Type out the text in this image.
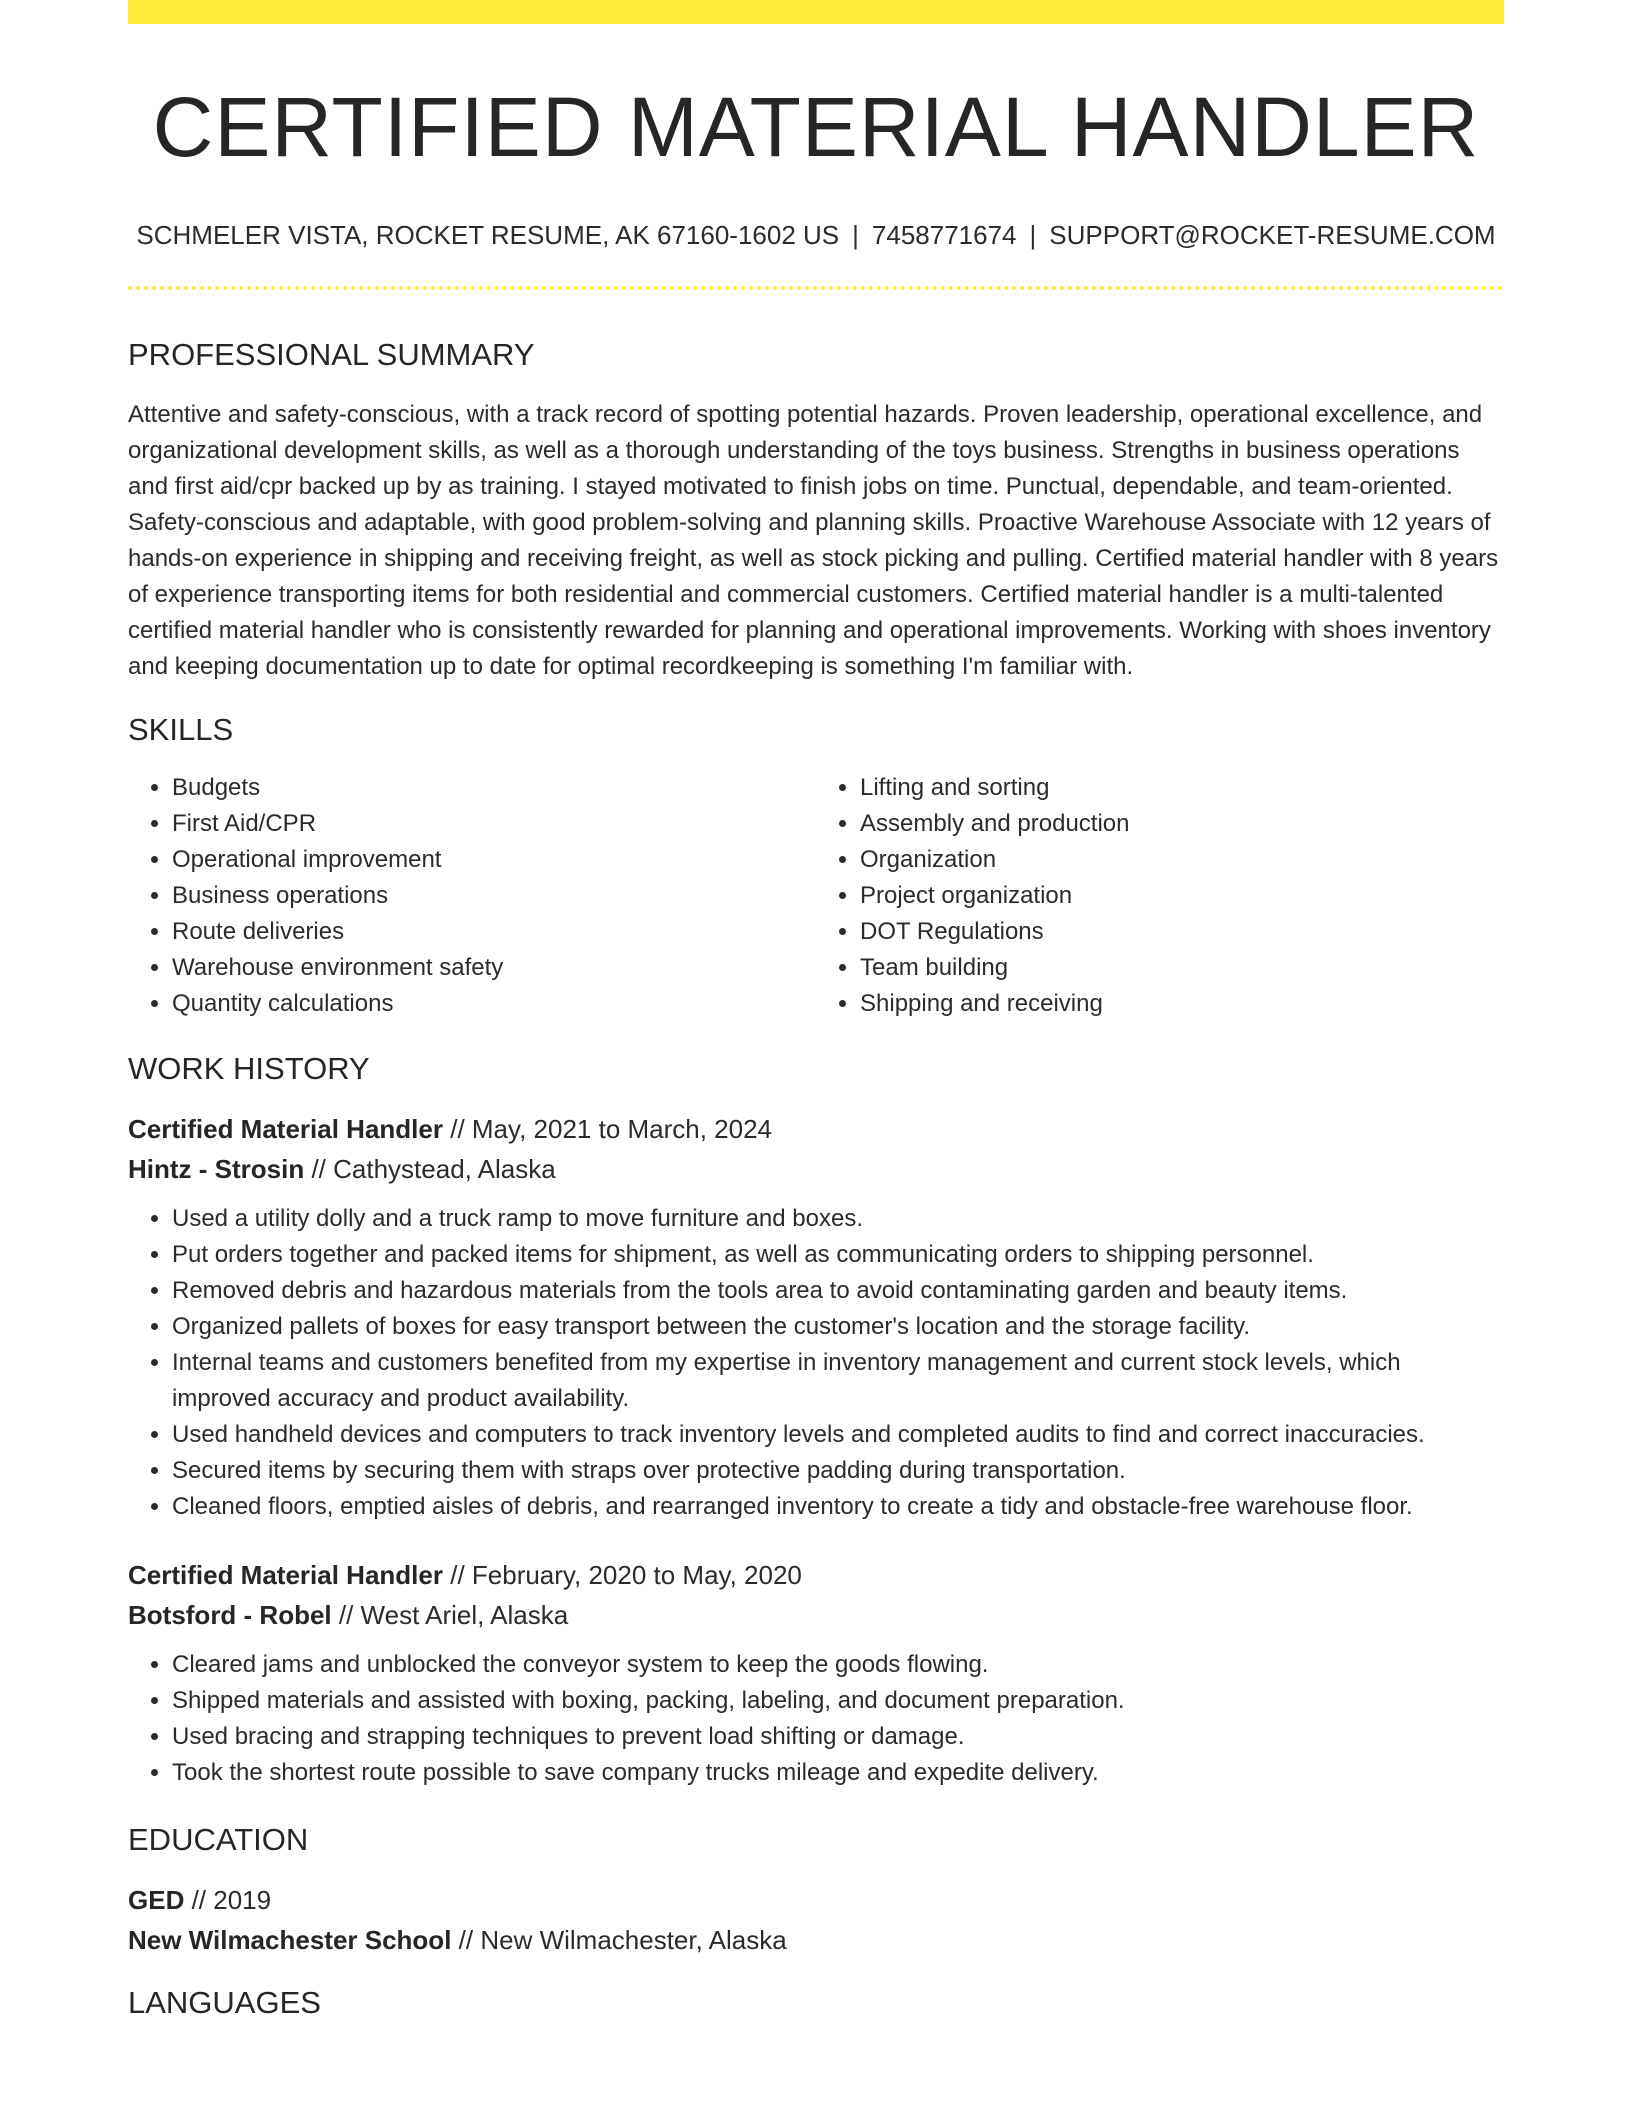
CERTIFIED MATERIAL HANDLER
SCHMELER VISTA, ROCKET RESUME, AK 67160-1602 US | 7458771674 | SUPPORT@ROCKET-RESUME.COM
PROFESSIONAL SUMMARY

Attentive and safety-conscious, with a track record of spotting potential hazards. Proven leadership, operational excellence, and organizational development skills, as well as a thorough understanding of the toys business. Strengths in business operations and first aid/cpr backed up by as training. I stayed motivated to finish jobs on time. Punctual, dependable, and team-oriented. Safety-conscious and adaptable, with good problem-solving and planning skills. Proactive Warehouse Associate with 12 years of hands-on experience in shipping and receiving freight, as well as stock picking and pulling. Certified material handler with 8 years of experience transporting items for both residential and commercial customers. Certified material handler is a multi-talented certified material handler who is consistently rewarded for planning and operational improvements. Working with shoes inventory and keeping documentation up to date for optimal recordkeeping is something I'm familiar with.

SKILLS
• Budgets
• First Aid/CPR
• Operational improvement
• Business operations
• Route deliveries
• Warehouse environment safety
• Quantity calculations
• Lifting and sorting
• Assembly and production
• Organization
• Project organization
• DOT Regulations
• Team building
• Shipping and receiving
WORK HISTORY
Certified Material Handler // May, 2021 to March, 2024
Hintz - Strosin // Cathystead, Alaska
• Used a utility dolly and a truck ramp to move furniture and boxes.
• Put orders together and packed items for shipment, as well as communicating orders to shipping personnel.
• Removed debris and hazardous materials from the tools area to avoid contaminating garden and beauty items.
• Organized pallets of boxes for easy transport between the customer's location and the storage facility.
• Internal teams and customers benefited from my expertise in inventory management and current stock levels, which improved accuracy and product availability.
• Used handheld devices and computers to track inventory levels and completed audits to find and correct inaccuracies.
• Secured items by securing them with straps over protective padding during transportation.
• Cleaned floors, emptied aisles of debris, and rearranged inventory to create a tidy and obstacle-free warehouse floor.
Certified Material Handler // February, 2020 to May, 2020
Botsford - Robel // West Ariel, Alaska
• Cleared jams and unblocked the conveyor system to keep the goods flowing.
• Shipped materials and assisted with boxing, packing, labeling, and document preparation.
• Used bracing and strapping techniques to prevent load shifting or damage.
• Took the shortest route possible to save company trucks mileage and expedite delivery.
EDUCATION
GED // 2019
New Wilmachester School // New Wilmachester, Alaska
LANGUAGES
